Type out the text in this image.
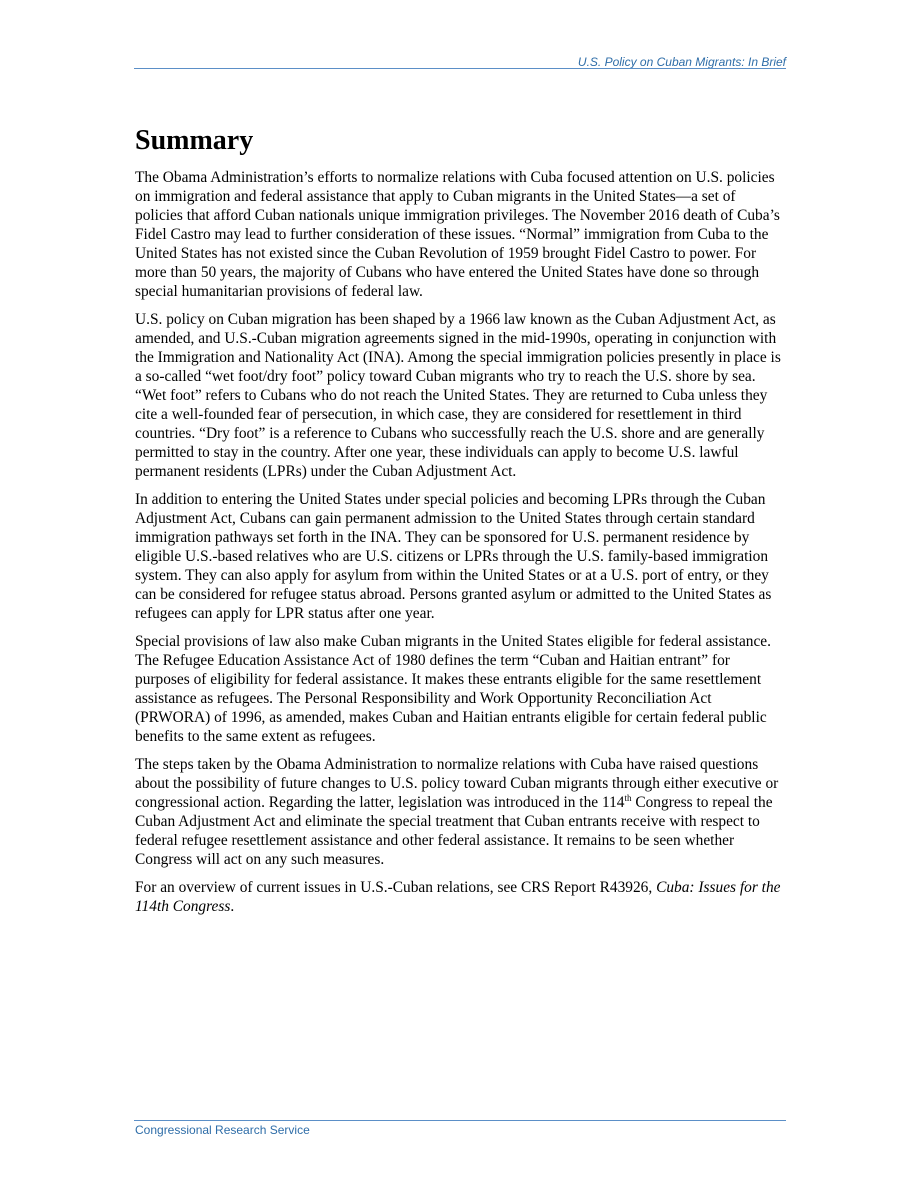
U.S. Policy on Cuban Migrants: In Brief
Summary

The Obama Administration’s efforts to normalize relations with Cuba focused attention on U.S. policies on immigration and federal assistance that apply to Cuban migrants in the United States—a set of policies that afford Cuban nationals unique immigration privileges. The November 2016 death of Cuba’s Fidel Castro may lead to further consideration of these issues. “Normal” immigration from Cuba to the United States has not existed since the Cuban Revolution of 1959 brought Fidel Castro to power. For more than 50 years, the majority of Cubans who have entered the United States have done so through special humanitarian provisions of federal law.

U.S. policy on Cuban migration has been shaped by a 1966 law known as the Cuban Adjustment Act, as amended, and U.S.-Cuban migration agreements signed in the mid-1990s, operating in conjunction with the Immigration and Nationality Act (INA). Among the special immigration policies presently in place is a so-called “wet foot/dry foot” policy toward Cuban migrants who try to reach the U.S. shore by sea. “Wet foot” refers to Cubans who do not reach the United States. They are returned to Cuba unless they cite a well-founded fear of persecution, in which case, they are considered for resettlement in third countries. “Dry foot” is a reference to Cubans who successfully reach the U.S. shore and are generally permitted to stay in the country. After one year, these individuals can apply to become U.S. lawful permanent residents (LPRs) under the Cuban Adjustment Act.

In addition to entering the United States under special policies and becoming LPRs through the Cuban Adjustment Act, Cubans can gain permanent admission to the United States through certain standard immigration pathways set forth in the INA. They can be sponsored for U.S. permanent residence by eligible U.S.-based relatives who are U.S. citizens or LPRs through the U.S. family-based immigration system. They can also apply for asylum from within the United States or at a U.S. port of entry, or they can be considered for refugee status abroad. Persons granted asylum or admitted to the United States as refugees can apply for LPR status after one year.

Special provisions of law also make Cuban migrants in the United States eligible for federal assistance. The Refugee Education Assistance Act of 1980 defines the term “Cuban and Haitian entrant” for purposes of eligibility for federal assistance. It makes these entrants eligible for the same resettlement assistance as refugees. The Personal Responsibility and Work Opportunity Reconciliation Act (PRWORA) of 1996, as amended, makes Cuban and Haitian entrants eligible for certain federal public benefits to the same extent as refugees.

The steps taken by the Obama Administration to normalize relations with Cuba have raised questions about the possibility of future changes to U.S. policy toward Cuban migrants through either executive or congressional action. Regarding the latter, legislation was introduced in the 114th Congress to repeal the Cuban Adjustment Act and eliminate the special treatment that Cuban entrants receive with respect to federal refugee resettlement assistance and other federal assistance. It remains to be seen whether Congress will act on any such measures.

For an overview of current issues in U.S.-Cuban relations, see CRS Report R43926, Cuba: Issues for the 114th Congress.

Congressional Research Service
